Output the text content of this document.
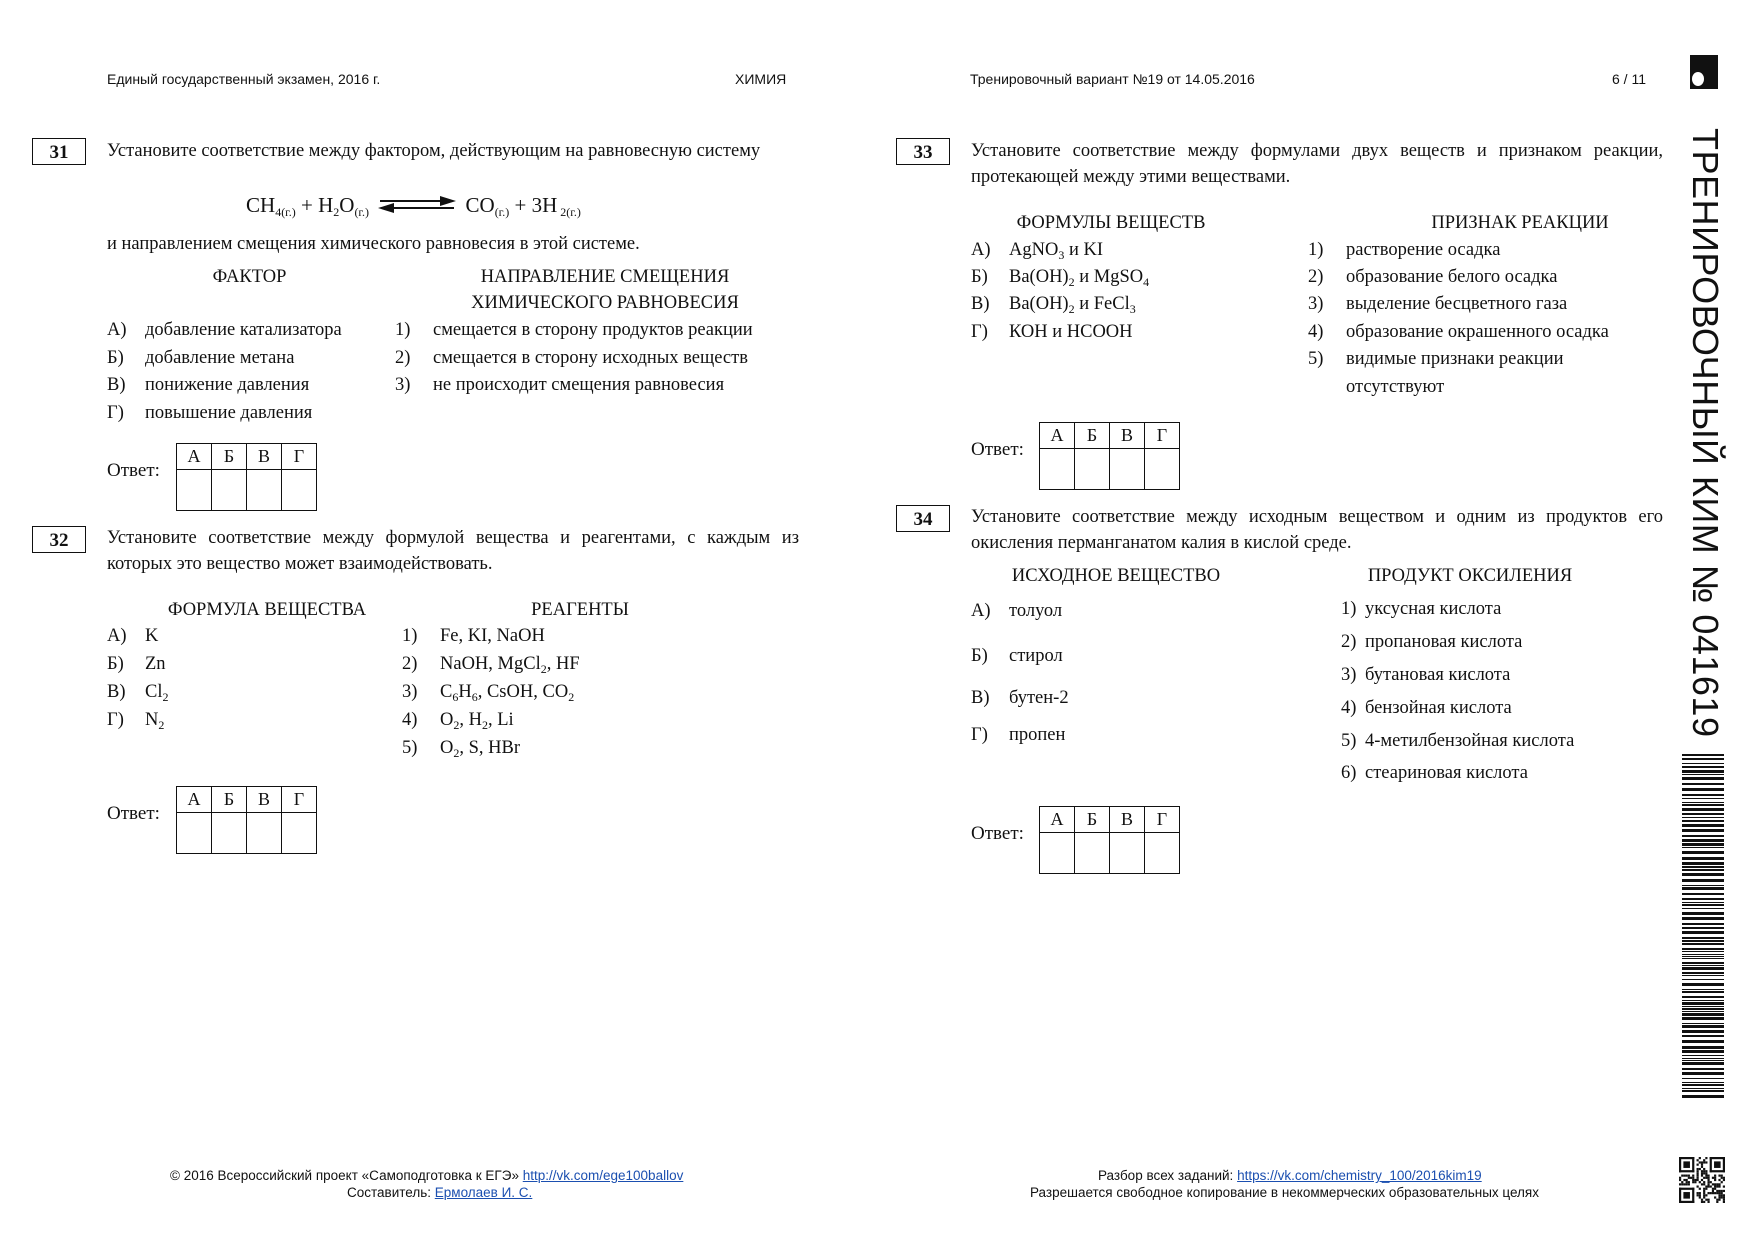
Единый государственный экзамен, 2016 г.	ХИМИЯ	Тренировочный вариант №19 от 14.05.2016	6 / 11
31	Установите соответствие между фактором, действующим на равновесную систему
$CH_{4(г.)} + H_2O_{(г.)}$ ⇌ $CO_{(г.)} + 3H$ $_{2(г.)}$
и направлением смещения химического равновесия в этой системе.
ФАКТОР	НАПРАВЛЕНИЕ СМЕЩЕНИЯ
ХИМИЧЕСКОГО РАВНОВЕСИЯ
А) добавление катализатора
Б) добавление метана
В) понижение давления
Г) повышение давления
1) смещается в сторону продуктов реакции
2) смещается в сторону исходных веществ
3) не происходит смещения равновесия
Ответ:
А	Б	В	Г

32	Установите соответствие между формулой вещества и реагентами, с каждым из которых это вещество может взаимодействовать.
ФОРМУЛА ВЕЩЕСТВА	РЕАГЕНТЫ
А) K
Б) Zn
В) $Cl_2$
Г) $N_2$
1) Fe, KI, NaOH
2) NaOH, MgCl$_2$, HF
3) $C_6H_6$, CsOH, $CO_2$
4) $O_2$, $H_2$, Li
5) $O_2$, S, HBr
Ответ:
А	Б	В	Г

33	Установите соответствие между формулами двух веществ и признаком реакции, протекающей между этими веществами.
ФОРМУЛЫ ВЕЩЕСТВ	ПРИЗНАК РЕАКЦИИ
А) AgNO$_3$ и KI
Б) $Ba(OH)_2$ и MgSO$_4$
В) $Ba(OH)_2$ и FeCl$_3$
Г) КОН и НСООН
1) растворение осадка
2) образование белого осадка
3) выделение бесцветного газа
4) образование окрашенного осадка
5) видимые признаки реакции
отсутствуют
Ответ:
А	Б	В	Г

34	Установите соответствие между исходным веществом и одним из продуктов его окисления перманганатом калия в кислой среде.
ИСХОДНОЕ ВЕЩЕСТВО	ПРОДУКТ ОКСИЛЕНИЯ
А) толуол
Б) стирол
В) бутен-2
Г) пропен
1) уксусная кислота
2) пропановая кислота
3) бутановая кислота
4) бензойная кислота
5) 4-метилбензойная кислота
6) стеариновая кислота
Ответ:
А	Б	В	Г

ТРЕНИРОВОЧНЫЙ КИМ № 041619
© 2016 Всероссийский проект «Самоподготовка к ЕГЭ» http://vk.com/ege100ballov
Составитель: Ермолаев И. С.
Разбор всех заданий: https://vk.com/chemistry_100/2016kim19
Разрешается свободное копирование в некоммерческих образовательных целях
